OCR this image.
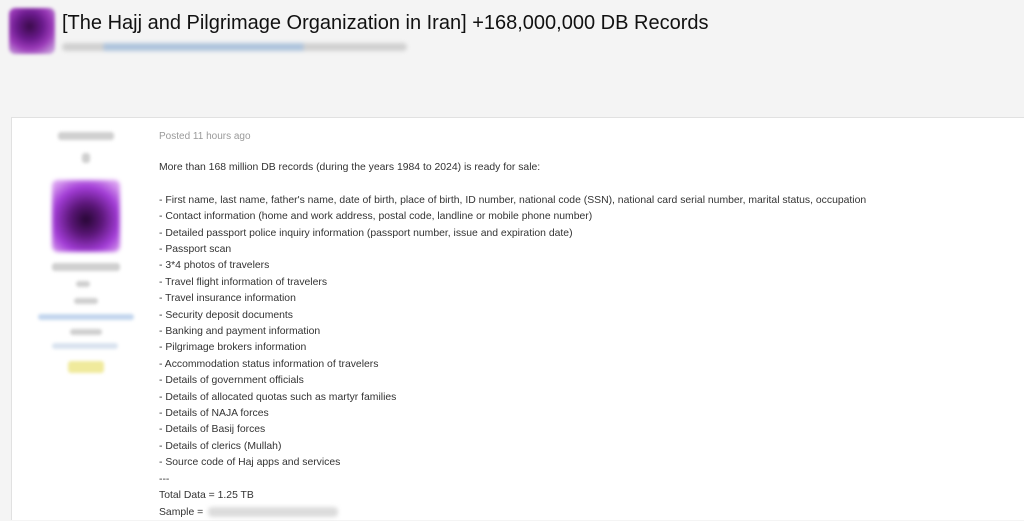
[The Hajj and Pilgrimage Organization in Iran] +168,000,000 DB Records
Posted 11 hours ago

More than 168 million DB records (during the years 1984 to 2024) is ready for sale:

- First name, last name, father's name, date of birth, place of birth, ID number, national code (SSN), national card serial number, marital status, occupation

- Contact information (home and work address, postal code, landline or mobile phone number)

- Detailed passport police inquiry information (passport number, issue and expiration date)

- Passport scan

- 3*4 photos of travelers

- Travel flight information of travelers

- Travel insurance information

- Security deposit documents

- Banking and payment information

- Pilgrimage brokers information

- Accommodation status information of travelers

- Details of government officials

- Details of allocated quotas such as martyr families

- Details of NAJA forces

- Details of Basij forces

- Details of clerics (Mullah)

- Source code of Haj apps and services

---

Total Data = 1.25 TB

Sample =
